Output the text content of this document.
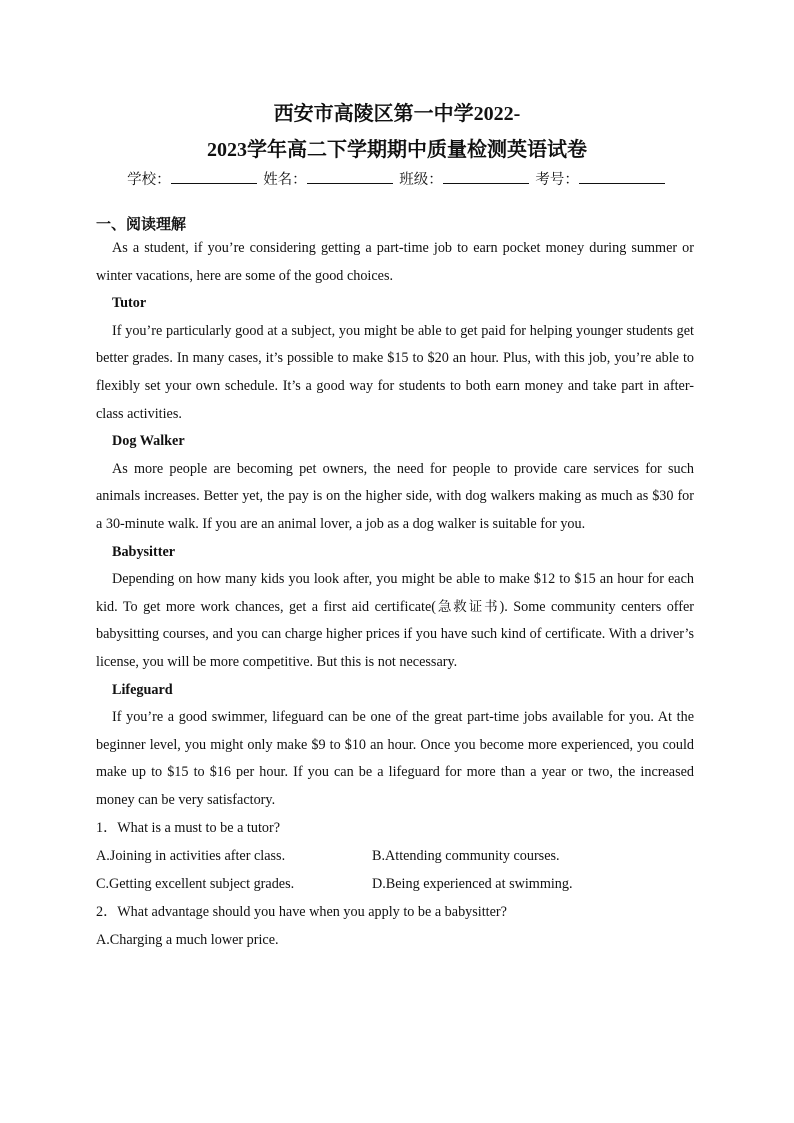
西安市高陵区第一中学2022-
2023学年高二下学期期中质量检测英语试卷
学校：	姓名：	班级：	考号：
一、阅读理解

As a student, if you’re considering getting a part-time job to earn pocket money during summer or winter vacations, here are some of the good choices.

Tutor

If you’re particularly good at a subject, you might be able to get paid for helping younger students get better grades. In many cases, it’s possible to make $15 to $20 an hour. Plus, with this job, you’re able to flexibly set your own schedule. It’s a good way for students to both earn money and take part in after-class activities.

Dog Walker

As more people are becoming pet owners, the need for people to provide care services for such animals increases. Better yet, the pay is on the higher side, with dog walkers making as much as $30 for a 30-minute walk. If you are an animal lover, a job as a dog walker is suitable for you.

Babysitter

Depending on how many kids you look after, you might be able to make $12 to $15 an hour for each kid. To get more work chances, get a first aid certificate(急救证书). Some community centers offer babysitting courses, and you can charge higher prices if you have such kind of certificate. With a driver’s license, you will be more competitive. But this is not necessary.

Lifeguard

If you’re a good swimmer, lifeguard can be one of the great part-time jobs available for you. At the beginner level, you might only make $9 to $10 an hour. Once you become more experienced, you could make up to $15 to $16 per hour. If you can be a lifeguard for more than a year or two, the increased money can be very satisfactory.

1．What is a must to be a tutor?

A.Joining in activities after class.	B.Attending community courses.
C.Getting excellent subject grades.	D.Being experienced at swimming.

2．What advantage should you have when you apply to be a babysitter?

A.Charging a much lower price.
